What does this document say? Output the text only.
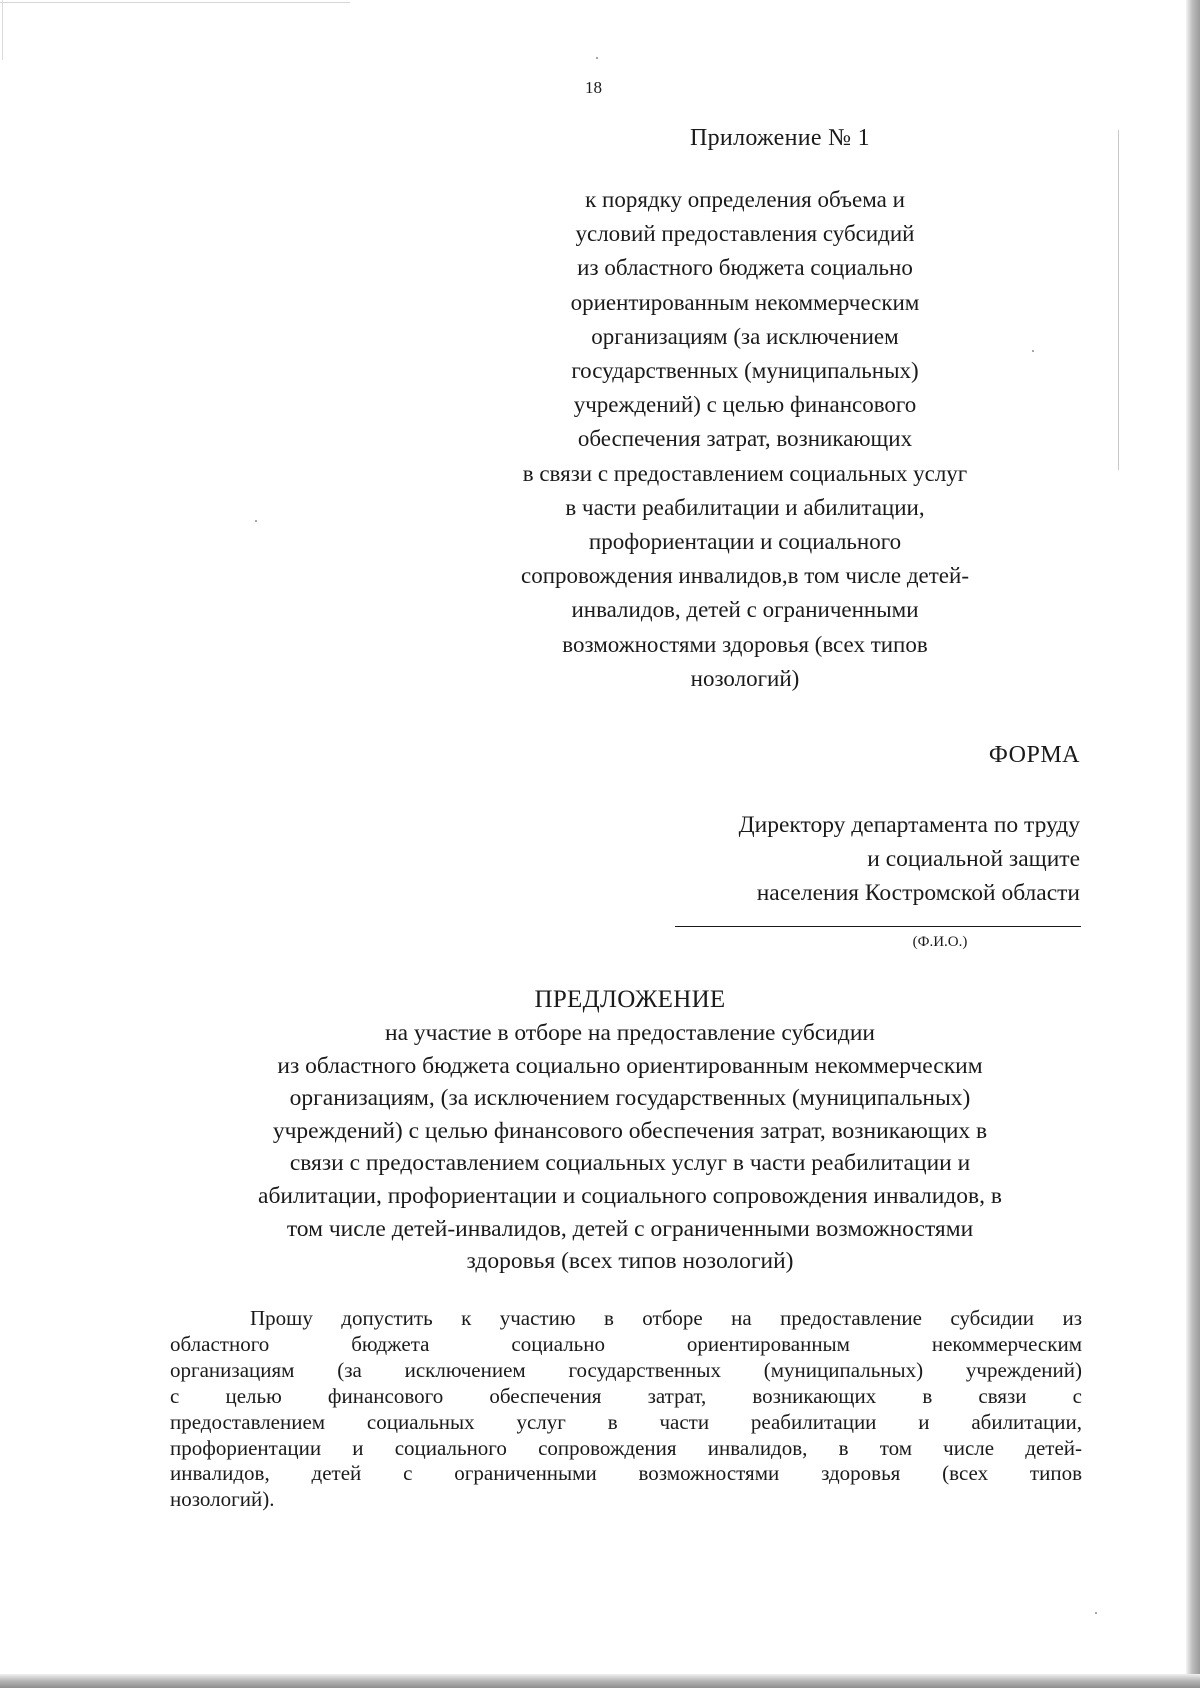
18
Приложение № 1
к порядку определения объема и
условий предоставления субсидий
из областного бюджета социально
ориентированным некоммерческим
организациям (за исключением
государственных (муниципальных)
учреждений) с целью финансового
обеспечения затрат, возникающих
в связи с предоставлением социальных услуг
в части реабилитации и абилитации,
профориентации и социального
сопровождения инвалидов,в том числе детей-
инвалидов, детей с ограниченными
возможностями здоровья (всех типов
нозологий)
ФОРМА
Директору департамента по труду
и социальной защите
населения Костромской области
(Ф.И.О.)
ПРЕДЛОЖЕНИЕ
на участие в отборе на предоставление субсидии
из областного бюджета социально ориентированным некоммерческим
организациям, (за исключением государственных (муниципальных)
учреждений) с целью финансового обеспечения затрат, возникающих в
связи с предоставлением социальных услуг в части реабилитации и
абилитации, профориентации и социального сопровождения инвалидов, в
том числе детей-инвалидов, детей с ограниченными возможностями
здоровья (всех типов нозологий)
Прошу допустить к участию в отборе на предоставление субсидии из
областного бюджета социально ориентированным некоммерческим
организациям (за исключением государственных (муниципальных) учреждений)
с целью финансового обеспечения затрат, возникающих в связи с
предоставлением социальных услуг в части реабилитации и абилитации,
профориентации и социального сопровождения инвалидов, в том числе детей-
инвалидов, детей с ограниченными возможностями здоровья (всех типов
нозологий).
